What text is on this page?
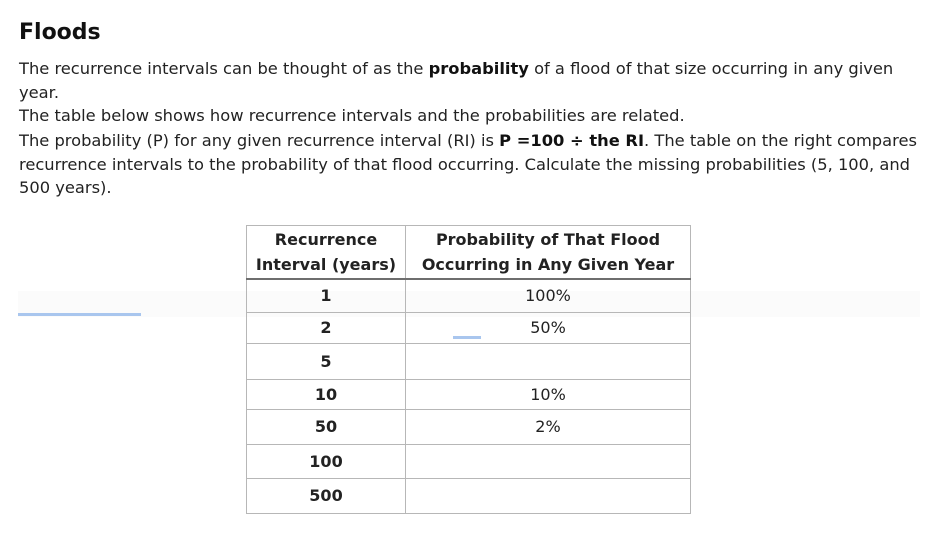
Floods
The recurrence intervals can be thought of as the probability of a flood of that size occurring in any given year.
The table below shows how recurrence intervals and the probabilities are related.
The probability (P) for any given recurrence interval (RI) is P =100 ÷ the RI. The table on the right compares
recurrence intervals to the probability of that flood occurring. Calculate the missing probabilities (5, 100, and
500 years).
Recurrence
Interval (years)	Probability of That Flood
Occurring in Any Given Year
1	100%
2	50%
5	
10	10%
50	2%
100	
500	
